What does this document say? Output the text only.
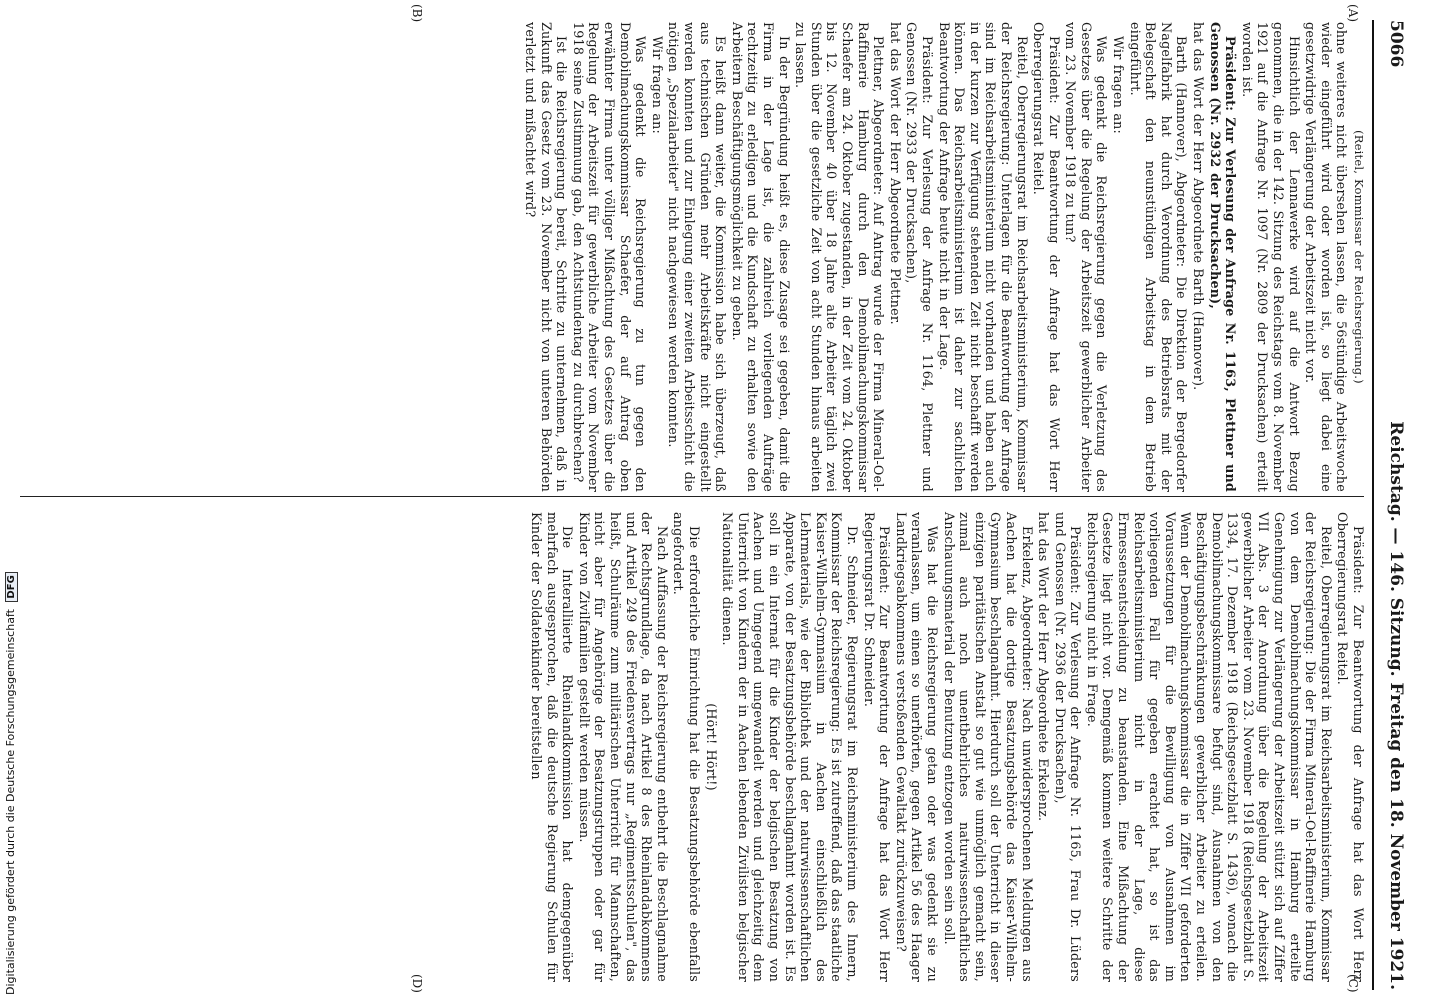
5066
Reichstag. — 146. Sitzung. Freitag den 18. November 1921.
(A)
(B)
(C)
(D)

(Reitel, Kommissar der Reichsregierung.)

ohne weiteres nicht übersehen lassen, die 56stündige Arbeitswoche wieder eingeführt wird oder worden ist, so liegt dabei eine gesetzwidrige Verlängerung der Arbeitszeit nicht vor.

Hinsichtlich der Lennawerke wird auf die Antwort Bezug genommen, die in der 142. Sitzung des Reichstags vom 8. November 1921 auf die Anfrage Nr. 1097 (Nr. 2809 der Drucksachen) erteilt worden ist.

Präsident: Zur Verlesung der Anfrage Nr. 1163, Plettner und Genossen (Nr. 2932 der Drucksachen),

hat das Wort der Herr Abgeordnete Barth (Hannover).

Barth (Hannover), Abgeordneter: Die Direktion der Bergedorfer Nagelfabrik hat durch Verordnung des Betriebsrats mit der Belegschaft den neunstündigen Arbeitstag in dem Betrieb eingeführt.

Wir fragen an:

Was gedenkt die Reichsregierung gegen die Verletzung des Gesetzes über die Regelung der Arbeitszeit gewerblicher Arbeiter vom 23. November 1918 zu tun?

Präsident: Zur Beantwortung der Anfrage hat das Wort Herr Oberregierungsrat Reitel.

Reitel, Oberregierungsrat im Reichsarbeitsministerium, Kommissar der Reichsregierung: Unterlagen für die Beantwortung der Anfrage sind im Reichsarbeitsministerium nicht vorhanden und haben auch in der kurzen zur Verfügung stehenden Zeit nicht beschafft werden können. Das Reichsarbeitsministerium ist daher zur sachlichen Beantwortung der Anfrage heute nicht in der Lage.

Präsident: Zur Verlesung der Anfrage Nr. 1164, Plettner und Genossen (Nr. 2933 der Drucksachen),

hat das Wort der Herr Abgeordnete Plettner.

Plettner, Abgeordneter: Auf Antrag wurde der Firma Mineral-Oel-Raffinerie Hamburg durch den Demobilmachungskommissar Schaefer am 24. Oktober zugestanden, in der Zeit vom 24. Oktober bis 12. November 40 über 18 Jahre alte Arbeiter täglich zwei Stunden über die gesetzliche Zeit von acht Stunden hinaus arbeiten zu lassen.

In der Begründung heißt es, diese Zusage sei gegeben, damit die Firma in der Lage ist, die zahlreich vorliegenden Aufträge rechtzeitig zu erledigen und die Kundschaft zu erhalten sowie den Arbeitern Beschäftigungsmöglichkeit zu geben.

Es heißt dann weiter, die Kommission habe sich überzeugt, daß aus technischen Gründen mehr Arbeitskräfte nicht eingestellt werden konnten und zur Einlegung einer zweiten Arbeitsschicht die nötigen „Spezialarbeiter" nicht nachgewiesen werden konnten.

Wir fragen an:

Was gedenkt die Reichsregierung zu tun gegen den Demobilmachungskommissar Schaefer, der auf Antrag oben erwähnter Firma unter völliger Mißachtung des Gesetzes über die Regelung der Arbeitszeit für gewerbliche Arbeiter vom November 1918 seine Zustimmung gab, den Achtstundentag zu durchbrechen?

Ist die Reichsregierung bereit, Schritte zu unternehmen, daß in Zukunft das Gesetz vom 23. November nicht von unteren Behörden verletzt und mißachtet wird?

Präsident: Zur Beantwortung der Anfrage hat das Wort Herr Oberregierungsrat Reitel.

Reitel, Oberregierungsrat im Reichsarbeitsministerium, Kommissar der Reichsregierung: Die der Firma Mineral-Oel-Raffinerie Hamburg von dem Demobilmachungskommissar in Hamburg erteilte Genehmigung zur Verlängerung der Arbeitszeit stützt sich auf Ziffer VII Abs. 3 der Anordnung über die Regelung der Arbeitszeit gewerblicher Arbeiter vom 23. November 1918 (Reichsgesetzblatt S. 1334, 17. Dezember 1918 (Reichsgesetzblatt S. 1436), wonach die Demobilmachungskommissare befugt sind, Ausnahmen von den Beschäftigungsbeschränkungen gewerblicher Arbeiter zu erteilen. Wenn der Demobilmachungskommissar die in Ziffer VII geforderten Voraussetzungen für die Bewilligung von Ausnahmen im vorliegenden Fall für gegeben erachtet hat, so ist das Reichsarbeitsministerium nicht in der Lage, diese Ermessensentscheidung zu beanstanden. Eine Mißachtung der Gesetze liegt nicht vor. Demgemäß kommen weitere Schritte der Reichsregierung nicht in Frage.

Präsident: Zur Verlesung der Anfrage Nr. 1165, Frau Dr. Lüders und Genossen (Nr. 2936 der Drucksachen),

hat das Wort der Herr Abgeordnete Erkelenz.

Erkelenz, Abgeordneter: Nach unwidersprochenen Meldungen aus Aachen hat die dortige Besatzungsbehörde das Kaiser-Wilhelm-Gymnasium beschlagnahmt. Hierdurch soll der Unterricht in dieser einzigen paritätischen Anstalt so gut wie unmöglich gemacht sein, zumal auch noch unentbehrliches naturwissenschaftliches Anschauungsmaterial der Benutzung entzogen worden sein soll.

Was hat die Reichsregierung getan oder was gedenkt sie zu veranlassen, um einen so unerhörten, gegen Artikel 56 des Haager Landkriegsabkommens verstoßenden Gewaltakt zurückzuweisen?

Präsident: Zur Beantwortung der Anfrage hat das Wort Herr Regierungsrat Dr. Schneider.

Dr. Schneider, Regierungsrat im Reichsministerium des Innern, Kommissar der Reichsregierung: Es ist zutreffend, daß das staatliche Kaiser-Wilhelm-Gymnasium in Aachen einschließlich des Lehrmaterials, wie der Bibliothek und der naturwissenschaftlichen Apparate, von der Besatzungsbehörde beschlagnahmt worden ist. Es soll in ein Internat für die Kinder der belgischen Besatzung von Aachen und Umgegend umgewandelt werden und gleichzeitig dem Unterricht von Kindern der in Aachen lebenden Zivilisten belgischer Nationalität dienen.

(Hört! Hört!)

Die erforderliche Einrichtung hat die Besatzungsbehörde ebenfalls angefordert.

Nach Auffassung der Reichsregierung entbehrt die Beschlagnahme der Rechtsgrundlage, da nach Artikel 8 des Rheinlandabkommens und Artikel 249 des Friedensvertrags nur „Regimentsschulen", das heißt, Schulräume zum militärischen Unterricht für Mannschaften, nicht aber für Angehörige der Besatzungstruppen oder gar für Kinder von Zivilfamilien gestellt werden müssen.

Die Interalliierte Rheinlandkommission hat demgegenüber mehrfach ausgesprochen, daß die deutsche Regierung Schulen für Kinder der Soldatenkinder bereitstellen

Digitalisierung gefördert durch die Deutsche Forschungsgemeinschaft DFG
